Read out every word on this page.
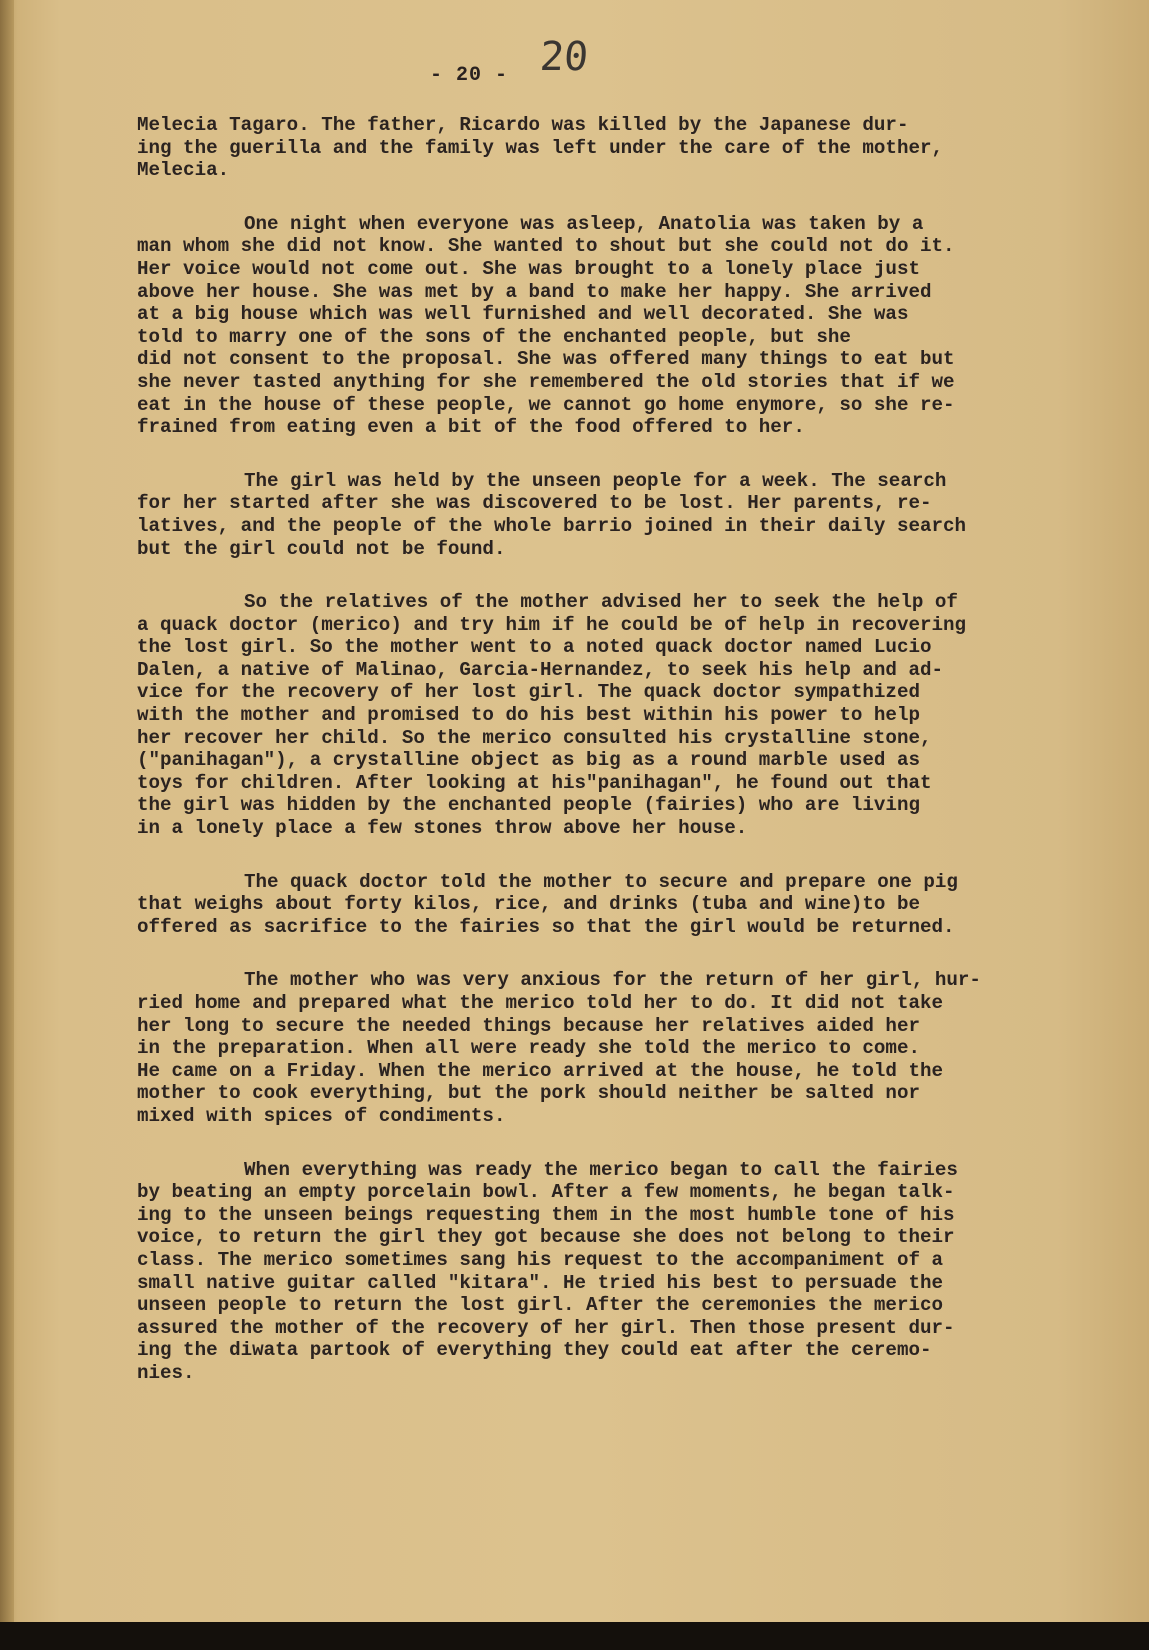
- 20 - 20
Melecia Tagaro. The father, Ricardo was killed by the Japanese dur-
ing the guerilla and the family was left under the care of the mother,
Melecia.
One night when everyone was asleep, Anatolia was taken by a
man whom she did not know. She wanted to shout but she could not do it.
Her voice would not come out. She was brought to a lonely place just
above her house. She was met by a band to make her happy. She arrived
at a big house which was well furnished and well decorated. She was
told to marry one of the sons of the enchanted people, but she
did not consent to the proposal. She was offered many things to eat but
she never tasted anything for she remembered the old stories that if we
eat in the house of these people, we cannot go home enymore, so she re-
frained from eating even a bit of the food offered to her.
The girl was held by the unseen people for a week. The search
for her started after she was discovered to be lost. Her parents, re-
latives, and the people of the whole barrio joined in their daily search
but the girl could not be found.
So the relatives of the mother advised her to seek the help of
a quack doctor (merico) and try him if he could be of help in recovering
the lost girl. So the mother went to a noted quack doctor named Lucio
Dalen, a native of Malinao, Garcia-Hernandez, to seek his help and ad-
vice for the recovery of her lost girl. The quack doctor sympathized
with the mother and promised to do his best within his power to help
her recover her child. So the merico consulted his crystalline stone,
("panihagan"), a crystalline object as big as a round marble used as
toys for children. After looking at his"panihagan", he found out that
the girl was hidden by the enchanted people (fairies) who are living
in a lonely place a few stones throw above her house.
The quack doctor told the mother to secure and prepare one pig
that weighs about forty kilos, rice, and drinks (tuba and wine)to be
offered as sacrifice to the fairies so that the girl would be returned.
The mother who was very anxious for the return of her girl, hur-
ried home and prepared what the merico told her to do. It did not take
her long to secure the needed things because her relatives aided her
in the preparation. When all were ready she told the merico to come.
He came on a Friday. When the merico arrived at the house, he told the
mother to cook everything, but the pork should neither be salted nor
mixed with spices of condiments.
When everything was ready the merico began to call the fairies
by beating an empty porcelain bowl. After a few moments, he began talk-
ing to the unseen beings requesting them in the most humble tone of his
voice, to return the girl they got because she does not belong to their
class. The merico sometimes sang his request to the accompaniment of a
small native guitar called "kitara". He tried his best to persuade the
unseen people to return the lost girl. After the ceremonies the merico
assured the mother of the recovery of her girl. Then those present dur-
ing the diwata partook of everything they could eat after the ceremo-
nies.
